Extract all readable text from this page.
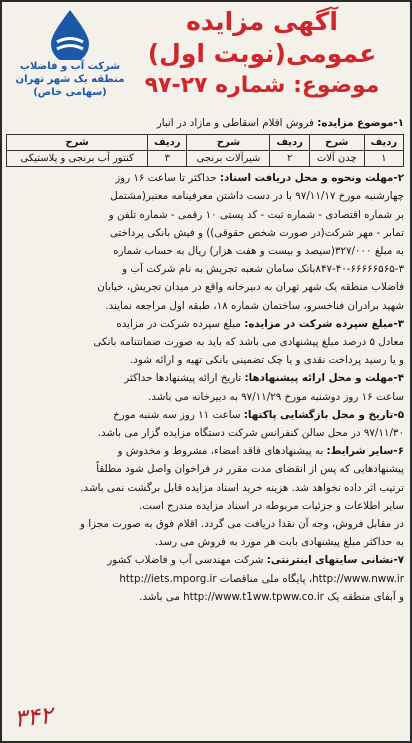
آگهی مزایده
عمومی(نوبت اول)
موضوع: شماره ۲۷-۹۷
شرکت آب و فاضلاب
منطقه یک شهر تهران
(سهامی خاص)
۱-موضوع مزایده: فروش اقلام اسقاطی و مازاد در انبار
ردیف	شرح	ردیف	شرح	ردیف	شرح
۱	چدن آلات	۲	شیرآلات برنجی	۳	کنتور آب برنجی و پلاستیکی
۲-مهلت ونحوه و محل دریافت اسناد: حداکثر تا ساعت ۱۶ روز
چهارشنبه مورخ ۹۷/۱۱/۱۷ با در دست داشتن معرفینامه معتبر(مشتمل
بر شماره اقتصادی - شماره ثبت - کد پستی ۱۰ رقمی - شماره تلفن و
تمابر - مهر شرکت(در صورت شخص حقوقی)) و فیش بانکی پرداختی
به مبلغ ۳۲۷/۰۰۰(سیصد و بیست و هفت هزار) ریال به حساب شماره
۸۴۷-۴۰-۶۶۶۶۶۵۶۵-۳بانک سامان شعبه تجریش به نام شرکت آب و
فاضلاب منطقه یک شهر تهران به دبیرخانه واقع در میدان تجریش، خیابان
شهید برادران فناخسرو، ساختمان شماره ۱۸، طبقه اول مراجعه نمایند.
۳-مبلغ سپرده شرکت در مزایده: مبلغ سپرده شرکت در مزایده
معادل ۵ درصد مبلغ پیشنهادی می باشد که باید به صورت ضمانتنامه بانکی
و یا رسید پرداخت نقدی و یا چک تضمینی بانکی تهیه و ارائه شود.
۴-مهلت و محل ارائه پیشنهادها: تاریخ ارائه پیشنهادها حداکثر
ساعت ۱۶ روز دوشنبه مورخ ۹۷/۱۱/۲۹ به دبیرخانه می باشد.
۵-تاریخ و محل بازگشایی پاکتها: ساعت ۱۱ روز سه شنبه مورخ
۹۷/۱۱/۳۰ در محل سالن کنفرانس شرکت دستگاه مزایده گزار می باشد.
۶-سایر شرایط: به پیشنهادهای فاقد امضاء، مشروط و مخدوش و
پیشنهادهایی که پس از انقضای مدت مقرر در فراخوان واصل شود مطلقاً
ترتیب اثر داده نخواهد شد. هزینه خرید اسناد مزایده قابل برگشت نمی باشد.
سایر اطلاعات و جزئیات مربوطه در اسناد مزایده مندرج است.
در مقابل فروش، وجه آن نقدا دریافت می گردد. اقلام فوق به صورت مجزا و
به حداکثر مبلغ پیشنهادی بابت هر مورد به فروش می رسد.
۷-نشانی سایتهای اینترنتی: شرکت مهندسی آب و فاضلاب کشور
http://www.nww.ir، پایگاه ملی مناقصات http://iets.mporg.ir
و آبفای منطقه یک http://www.t1ww.tpww.co.ir می باشد.
۳۴۲
